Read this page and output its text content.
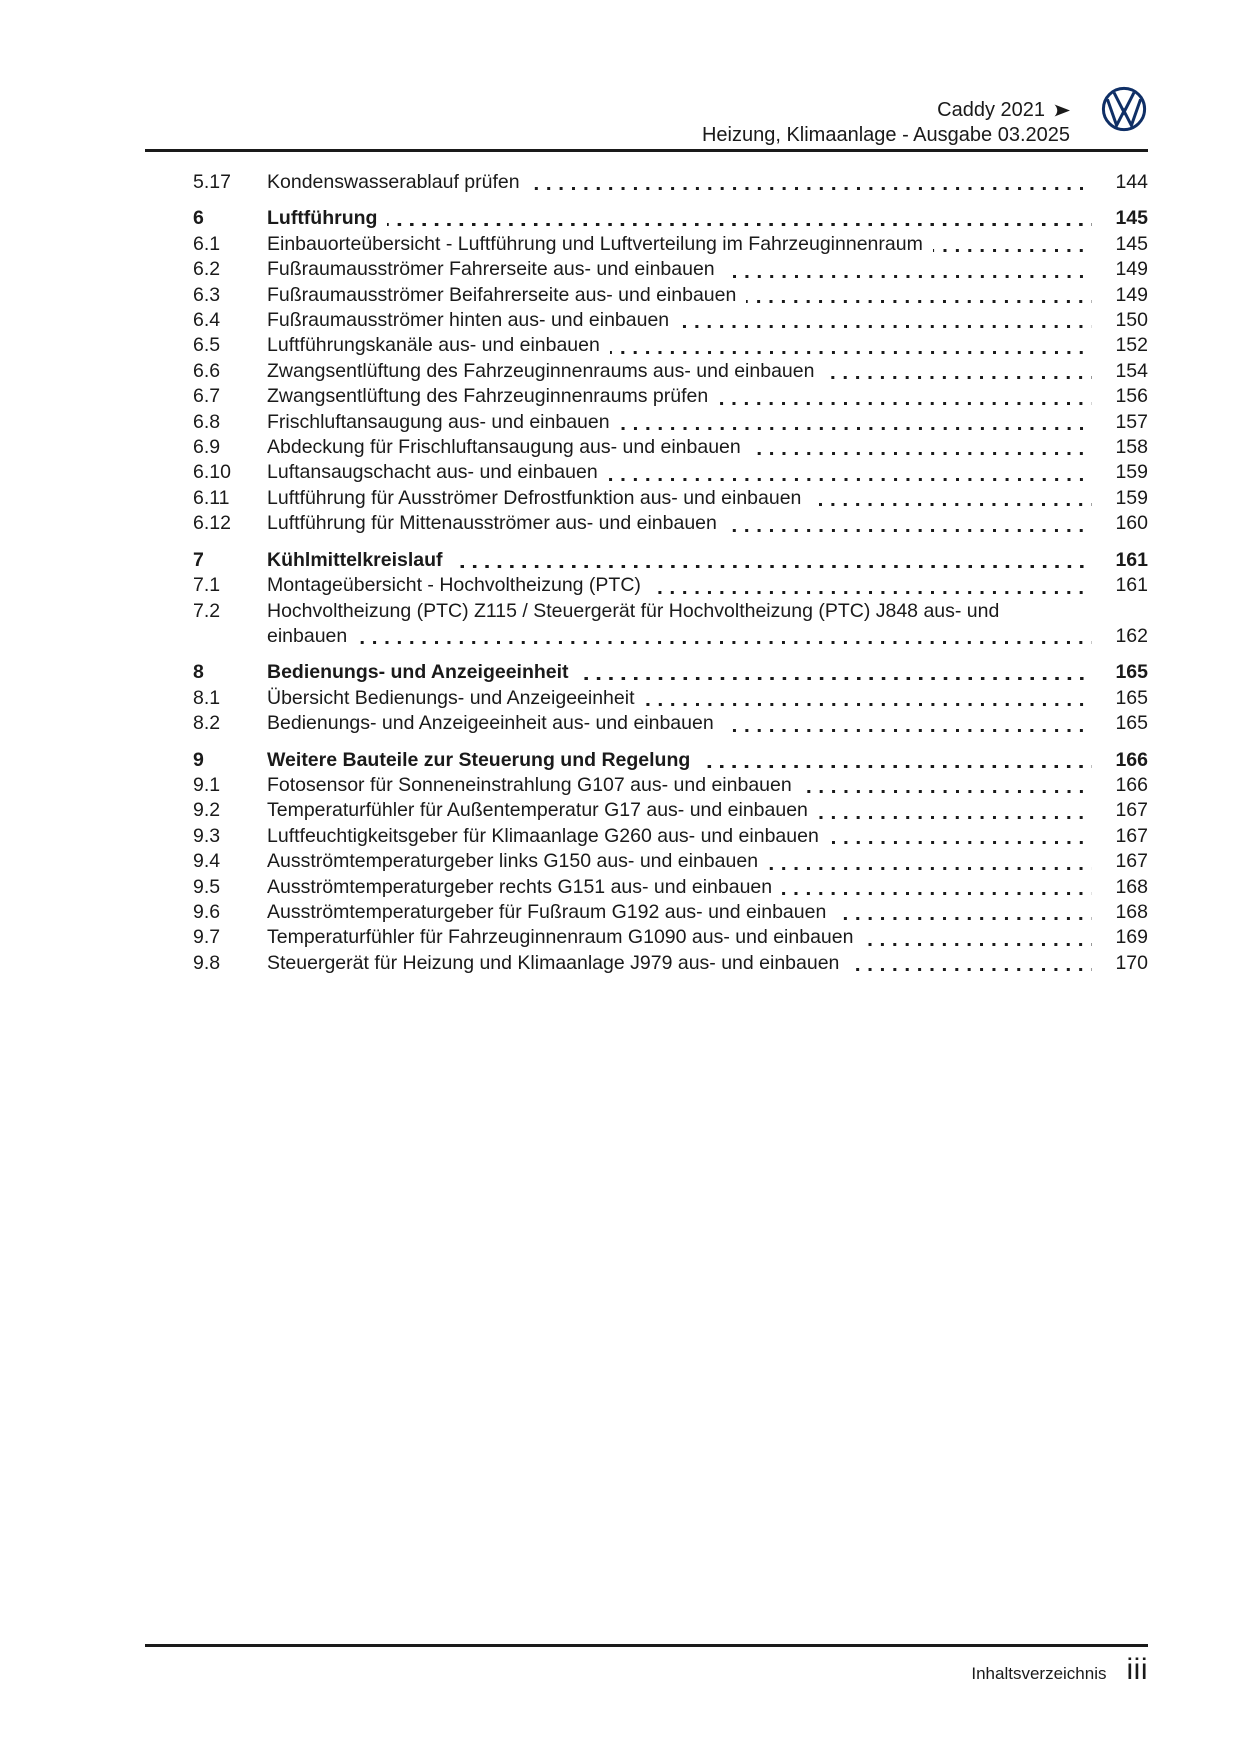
Caddy 2021
Heizung, Klimaanlage - Ausgabe 03.2025
5.17	Kondenswasserablauf prüfen	144
6	Luftführung	145
6.1	Einbauorteübersicht - Luftführung und Luftverteilung im Fahrzeuginnenraum	145
6.2	Fußraumausströmer Fahrerseite aus- und einbauen	149
6.3	Fußraumausströmer Beifahrerseite aus- und einbauen	149
6.4	Fußraumausströmer hinten aus- und einbauen	150
6.5	Luftführungskanäle aus- und einbauen	152
6.6	Zwangsentlüftung des Fahrzeuginnenraums aus- und einbauen	154
6.7	Zwangsentlüftung des Fahrzeuginnenraums prüfen	156
6.8	Frischluftansaugung aus- und einbauen	157
6.9	Abdeckung für Frischluftansaugung aus- und einbauen	158
6.10	Luftansaugschacht aus- und einbauen	159
6.11	Luftführung für Ausströmer Defrostfunktion aus- und einbauen	159
6.12	Luftführung für Mittenausströmer aus- und einbauen	160
7	Kühlmittelkreislauf	161
7.1	Montageübersicht - Hochvoltheizung (PTC)	161
7.2	Hochvoltheizung (PTC) Z115 / Steuergerät für Hochvoltheizung (PTC) J848 aus- und
einbauen	162
8	Bedienungs- und Anzeigeeinheit	165
8.1	Übersicht Bedienungs- und Anzeigeeinheit	165
8.2	Bedienungs- und Anzeigeeinheit aus- und einbauen	165
9	Weitere Bauteile zur Steuerung und Regelung	166
9.1	Fotosensor für Sonneneinstrahlung G107 aus- und einbauen	166
9.2	Temperaturfühler für Außentemperatur G17 aus- und einbauen	167
9.3	Luftfeuchtigkeitsgeber für Klimaanlage G260 aus- und einbauen	167
9.4	Ausströmtemperaturgeber links G150 aus- und einbauen	167
9.5	Ausströmtemperaturgeber rechts G151 aus- und einbauen	168
9.6	Ausströmtemperaturgeber für Fußraum G192 aus- und einbauen	168
9.7	Temperaturfühler für Fahrzeuginnenraum G1090 aus- und einbauen	169
9.8	Steuergerät für Heizung und Klimaanlage J979 aus- und einbauen	170
Inhaltsverzeichnis iii
